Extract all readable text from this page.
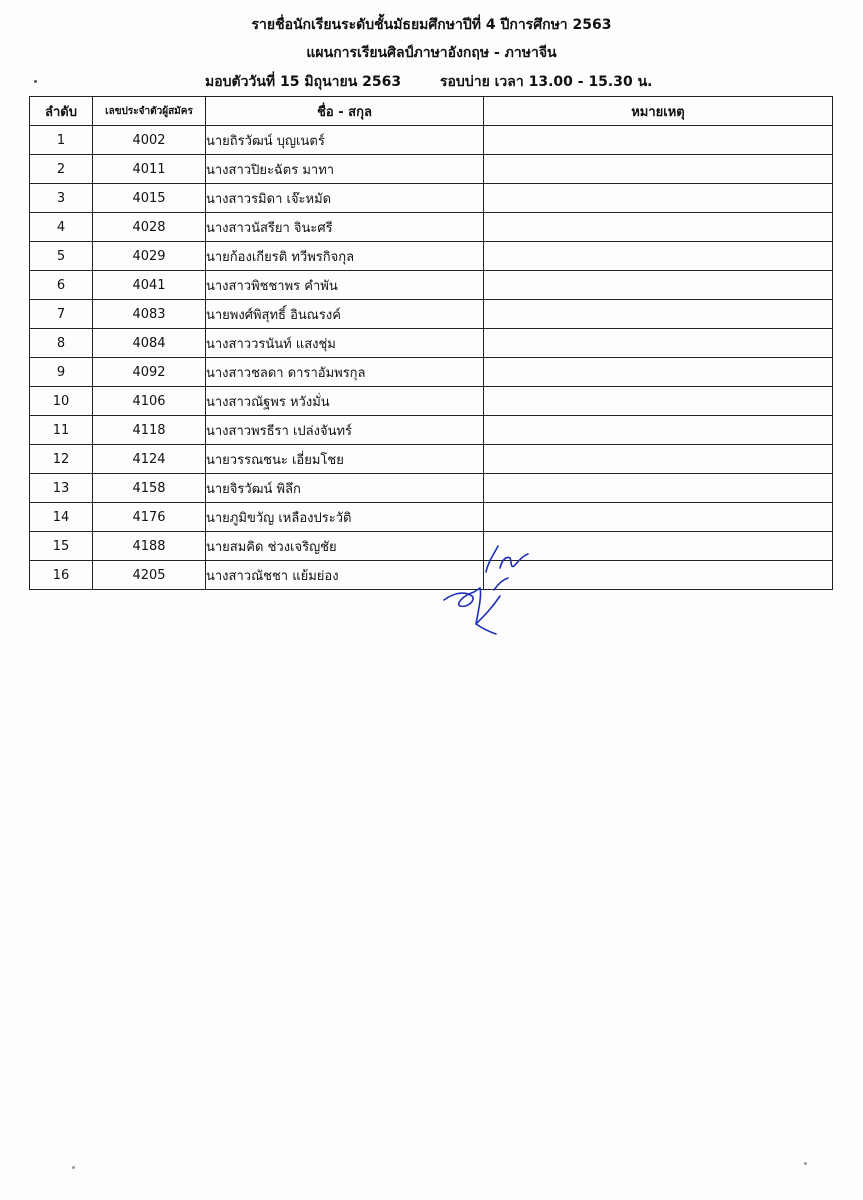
รายชื่อนักเรียนระดับชั้นมัธยมศึกษาปีที่ 4 ปีการศึกษา 2563
แผนการเรียนศิลป์ภาษาอังกฤษ - ภาษาจีน
มอบตัววันที่ 15 มิถุนายน 2563	รอบบ่าย เวลา 13.00 - 15.30 น.
ลำดับ	เลขประจำตัวผู้สมัคร	ชื่อ - สกุล	หมายเหตุ
1	4002	นายถิรวัฒน์ บุญเนตร์	
2	4011	นางสาวปิยะฉัตร มาทา	
3	4015	นางสาวรมิดา เจ๊ะหมัด	
4	4028	นางสาวนัสรียา จินะศรี	
5	4029	นายก้องเกียรติ ทวีพรกิจกุล	
6	4041	นางสาวพิชชาพร คำพัน	
7	4083	นายพงศ์พิสุทธิ์ อินณรงค์	
8	4084	นางสาววรนันท์ แสงชุ่ม	
9	4092	นางสาวชลดา ดาราอัมพรกุล	
10	4106	นางสาวณัฐพร หวังมั่น	
11	4118	นางสาวพรธีรา เปล่งจันทร์	
12	4124	นายวรรณชนะ เอี่ยมโชย	
13	4158	นายจิรวัฒน์ พิลึก	
14	4176	นายภูมิขวัญ เหลืองประวัติ	
15	4188	นายสมคิด ช่วงเจริญชัย	
16	4205	นางสาวณัชชา แย้มย่อง	
